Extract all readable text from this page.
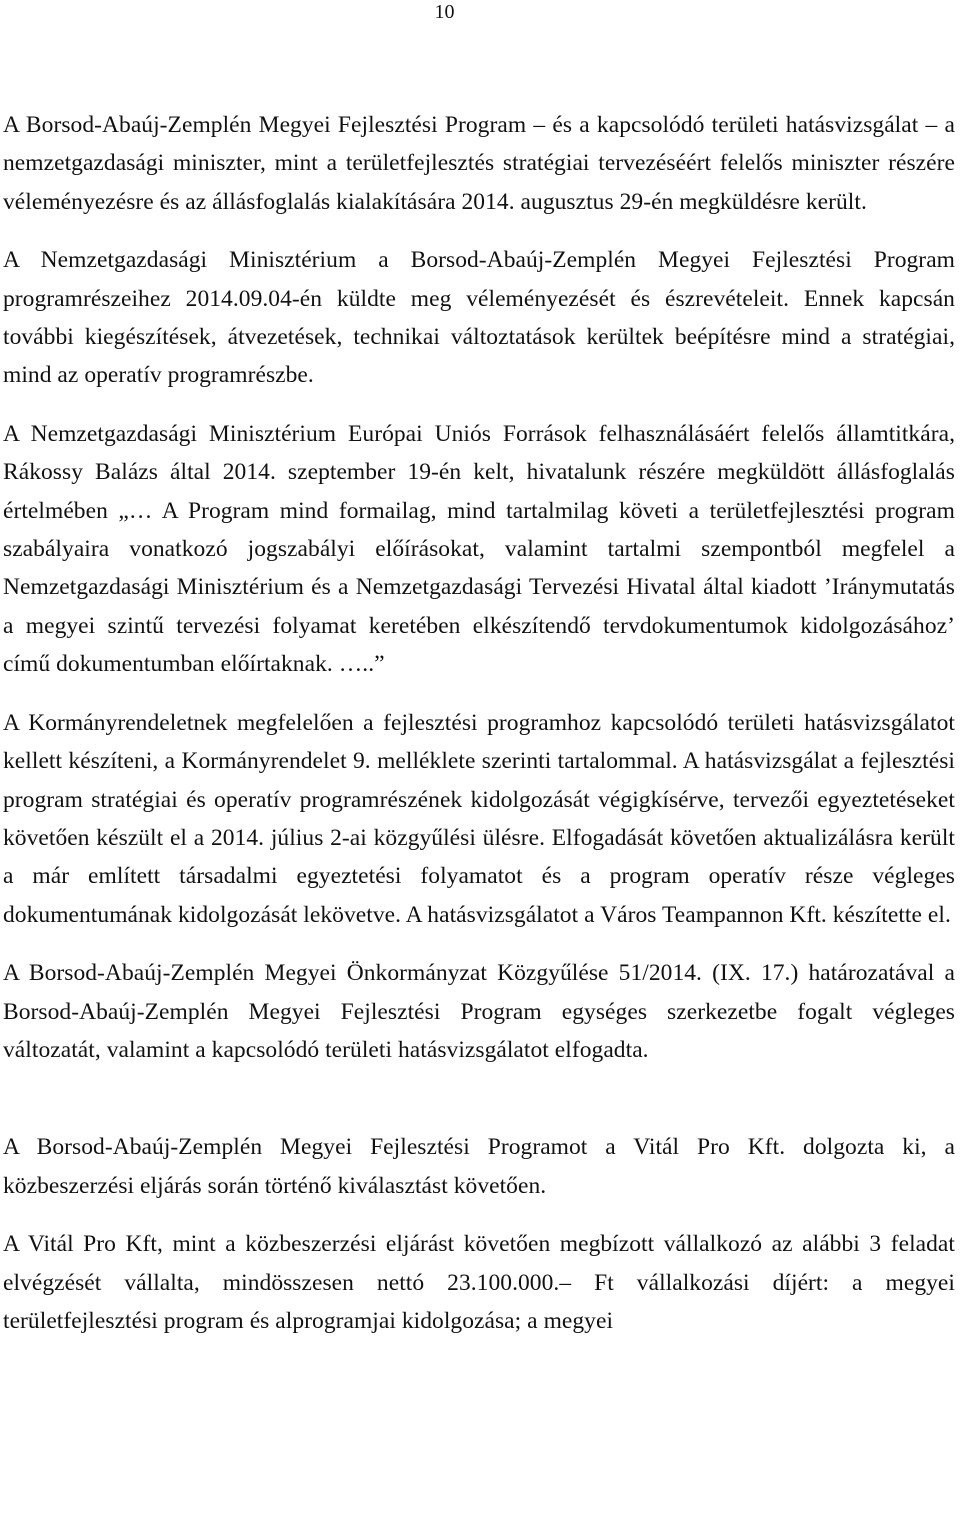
10

A Borsod-Abaúj-Zemplén Megyei Fejlesztési Program – és a kapcsolódó területi hatásvizsgálat – a nemzetgazdasági miniszter, mint a területfejlesztés stratégiai tervezéséért felelős miniszter részére véleményezésre és az állásfoglalás kialakítására 2014. augusztus 29-én megküldésre került.

A Nemzetgazdasági Minisztérium a Borsod-Abaúj-Zemplén Megyei Fejlesztési Program programrészeihez 2014.09.04-én küldte meg véleményezését és észrevételeit. Ennek kapcsán további kiegészítések, átvezetések, technikai változtatások kerültek beépítésre mind a stratégiai, mind az operatív programrészbe.

A Nemzetgazdasági Minisztérium Európai Uniós Források felhasználásáért felelős államtitkára, Rákossy Balázs által 2014. szeptember 19-én kelt, hivatalunk részére megküldött állásfoglalás értelmében „… A Program mind formailag, mind tartalmilag követi a területfejlesztési program szabályaira vonatkozó jogszabályi előírásokat, valamint tartalmi szempontból megfelel a Nemzetgazdasági Minisztérium és a Nemzetgazdasági Tervezési Hivatal által kiadott ’Iránymutatás a megyei szintű tervezési folyamat keretében elkészítendő tervdokumentumok kidolgozásához’ című dokumentumban előírtaknak. …..”

A Kormányrendeletnek megfelelően a fejlesztési programhoz kapcsolódó területi hatásvizsgálatot kellett készíteni, a Kormányrendelet 9. melléklete szerinti tartalommal. A hatásvizsgálat a fejlesztési program stratégiai és operatív programrészének kidolgozását végigkísérve, tervezői egyeztetéseket követően készült el a 2014. július 2-ai közgyűlési ülésre. Elfogadását követően aktualizálásra került a már említett társadalmi egyeztetési folyamatot és a program operatív része végleges dokumentumának kidolgozását lekövetve. A hatásvizsgálatot a Város Teampannon Kft. készítette el.

A Borsod-Abaúj-Zemplén Megyei Önkormányzat Közgyűlése 51/2014. (IX. 17.) határozatával a Borsod-Abaúj-Zemplén Megyei Fejlesztési Program egységes szerkezetbe fogalt végleges változatát, valamint a kapcsolódó területi hatásvizsgálatot elfogadta.

A Borsod-Abaúj-Zemplén Megyei Fejlesztési Programot a Vitál Pro Kft. dolgozta ki, a közbeszerzési eljárás során történő kiválasztást követően.

A Vitál Pro Kft, mint a közbeszerzési eljárást követően megbízott vállalkozó az alábbi 3 feladat elvégzését vállalta, mindösszesen nettó 23.100.000.– Ft vállalkozási díjért: a megyei területfejlesztési program és alprogramjai kidolgozása; a megyei
